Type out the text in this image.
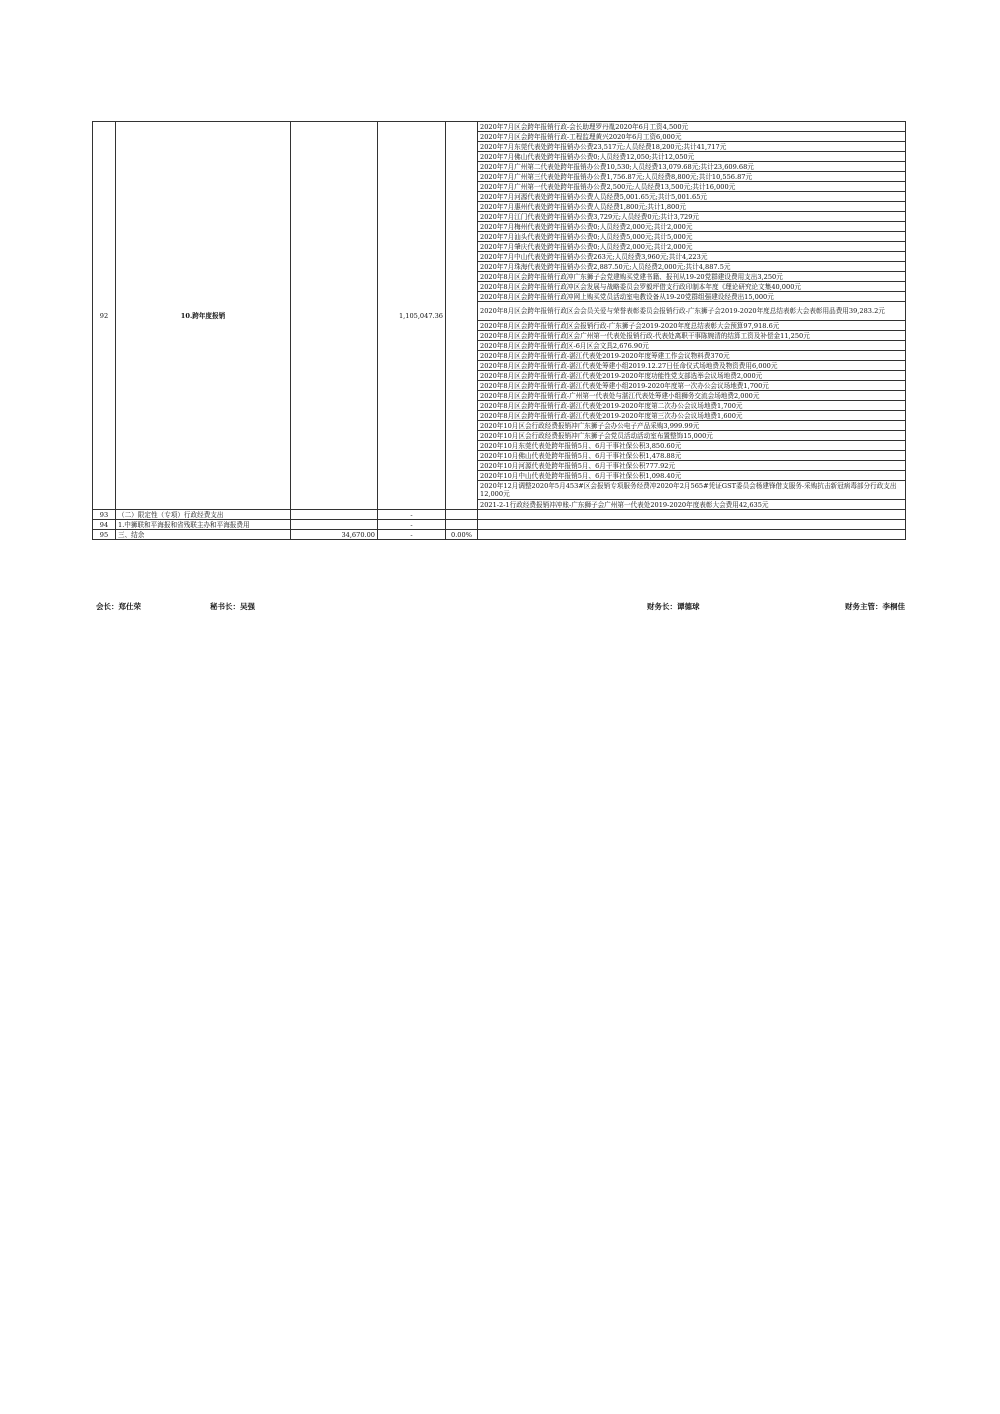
92	10.跨年度报销		1,105,047.36		2020年7月区会跨年报销行政-会长助理罗丹胤2020年6月工资4,500元
					2020年7月区会跨年报销行政-工程监理黄兴2020年6月工资6,000元
					2020年7月东莞代表处跨年报销办公费23,517元;人员经费18,200元;共计41,717元
					2020年7月佛山代表处跨年报销办公费0;人员经费12,050;共计12,050元
					2020年7月广州第二代表处跨年报销办公费10,530;人员经费13,079.68元;共计23,609.68元
					2020年7月广州第三代表处跨年报销办公费1,756.87元;人员经费8,800元;共计10,556.87元
					2020年7月广州第一代表处跨年报销办公费2,500元;人员经费13,500元;共计16,000元
					2020年7月河源代表处跨年报销办公费人员经费5,001.65元;共计5,001.65元
					2020年7月惠州代表处跨年报销办公费人员经费1,800元;共计1,800元
					2020年7月江门代表处跨年报销办公费3,729元;人员经费0元;共计3,729元
					2020年7月梅州代表处跨年报销办公费0;人员经费2,000元;共计2,000元
					2020年7月汕头代表处跨年报销办公费0;人员经费5,000元;共计5,000元
					2020年7月肇庆代表处跨年报销办公费0;人员经费2,000元;共计2,000元
					2020年7月中山代表处跨年报销办公费263元;人员经费3,960元;共计4,223元
					2020年7月珠海代表处跨年报销办公费2,887.50元;人员经费2,000元;共计4,887.5元
					2020年8月区会跨年报销行政冲广东狮子会党建购买党建书籍、报刊从19-20党群建设费用支出3,250元
					2020年8月区会跨年报销行政冲区会发展与战略委员会罗毅坪借支行政印制本年度《理论研究论文集40,000元
					2020年8月区会跨年报销行政冲网上购买党员活动室电教设备从19-20党群组强建设经费出15,000元
					2020年8月区会跨年报销行政区会会员关爱与荣誉表彰委员会报销行政-广东狮子会2019-2020年度总结表彰大会表彰用品费用39,283.2元
					2020年8月区会跨年报销行政区会报销行政-广东狮子会2019-2020年度总结表彰大会预算97,918.6元
					2020年8月区会跨年报销行政区会广州第一代表处报销行政-代表处离职干事陈婉清的结算工资及补偿金11,250元
					2020年8月区会跨年报销行政区-6月区会文具2,676.90元
					2020年8月区会跨年报销行政-湛江代表处2019-2020年度筹建工作会议物料费370元
					2020年8月区会跨年报销行政-湛江代表处筹建小组2019.12.27日任命仪式场地费及物资费用6,000元
					2020年8月区会跨年报销行政-湛江代表处2019-2020年度功能性党支部选举会议场地费2,000元
					2020年8月区会跨年报销行政-湛江代表处筹建小组2019-2020年度第一次办公会议场地费1,700元
					2020年8月区会跨年报销行政-广州第一代表处与湛江代表处筹建小组狮务交流会场地费2,000元
					2020年8月区会跨年报销行政-湛江代表处2019-2020年度第二次办公会议场地费1,700元
					2020年8月区会跨年报销行政-湛江代表处2019-2020年度第三次办公会议场地费1,600元
					2020年10月区会行政经费报销冲广东狮子会办公电子产品采购3,999.99元
					2020年10月区会行政经费报销冲广东狮子会党员活动活动室布置整饰15,000元
					2020年10月东莞代表处跨年报销5月、6月干事社保公积3,850.60元
					2020年10月佛山代表处跨年报销5月、6月干事社保公积1,478.88元
					2020年10月河源代表处跨年报销5月、6月干事社保公积777.92元
					2020年10月中山代表处跨年报销5月、6月干事社保公积1,098.40元
					2020年12月调整2020年5月453#区会报销专项服务经费冲2020年2月565#凭证GST委员会杨建锋借支服务-采购抗击新冠病毒部分行政支出12,000元
					2021-2-1行政经费报销冲冲账-广东狮子会广州第一代表处2019-2020年度表彰大会费用42,635元
93	（二）限定性（专项）行政经费支出		-		
94	1.中狮联和平海报和省残联主办和平海报费用		-		
95	三、结余	34,670.00	-	0.00%	
会长：郑仕荣	秘书长：吴强	财务长：谭德球	财务主管：李桐佳
